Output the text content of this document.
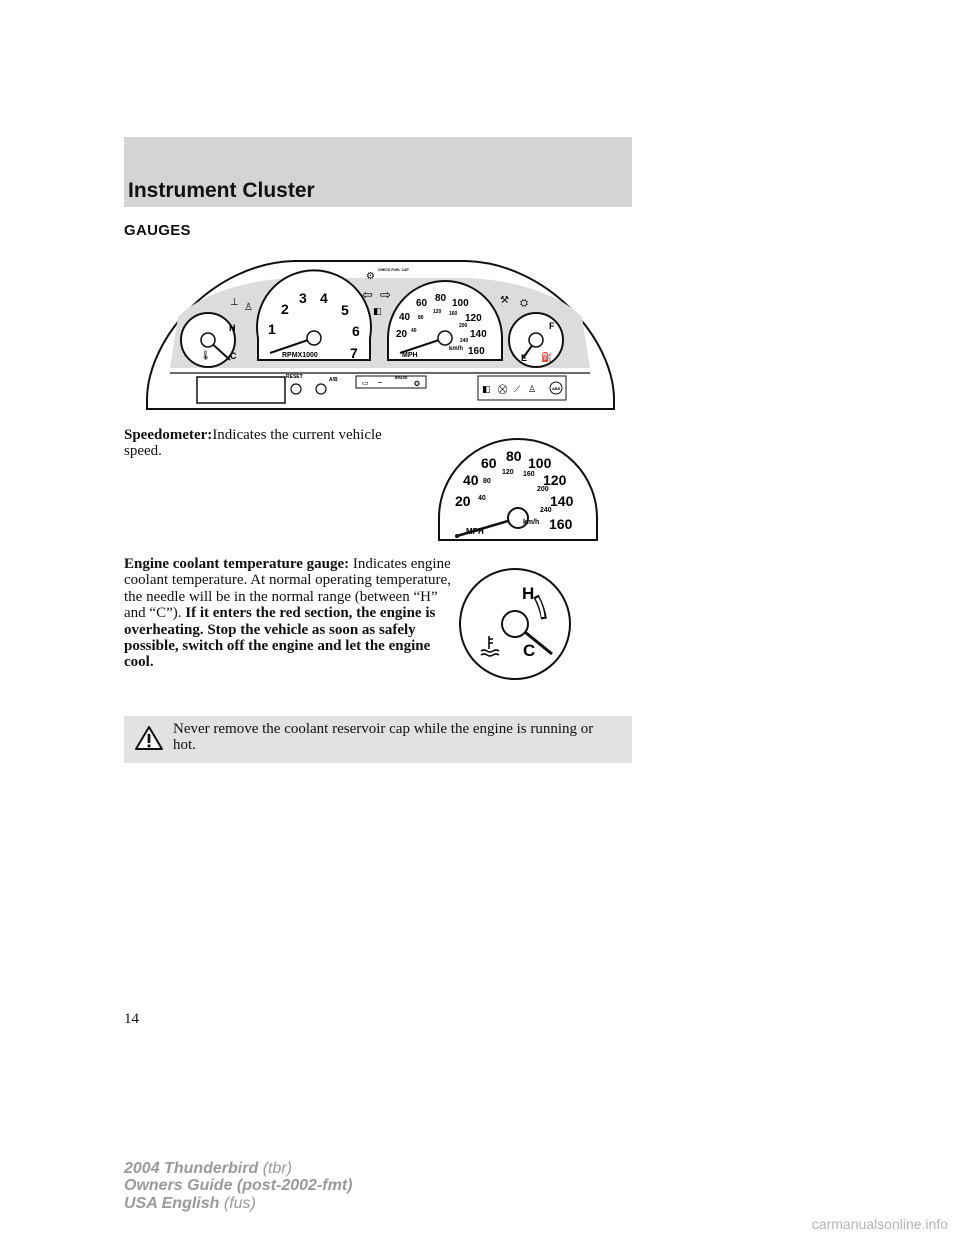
Instrument Cluster
GAUGES
H
C
🌡
⊥ ♙
1
2
3 4
5
6
7
RPMX1000
⚙
CHECK FUEL CAP
⇦ ⇨
◧
20
40
60 80 100
120
140
160
40
80
120 160
200
240
MPH
km/h
⚒ ⛭
F
E ⛽
RESET	A/B	▭ ~
BRAKE
✪
◧ ⛒ ⟋ ♙	ABS
Speedometer:Indicates the current vehicle speed.
20
40
60 80 100
120
140
160
40
80
120 160
200
240
MPH
km/h
Engine coolant temperature gauge: Indicates engine coolant temperature. At normal operating temperature, the needle will be in the normal range (between “H” and “C”). If it enters the red section, the engine is overheating. Stop the vehicle as soon as safely possible, switch off the engine and let the engine cool.
H
C
Never remove the coolant reservoir cap while the engine is running or hot.
14
2004 Thunderbird (tbr)
Owners Guide (post-2002-fmt)
USA English (fus)
carmanualsonline.info
